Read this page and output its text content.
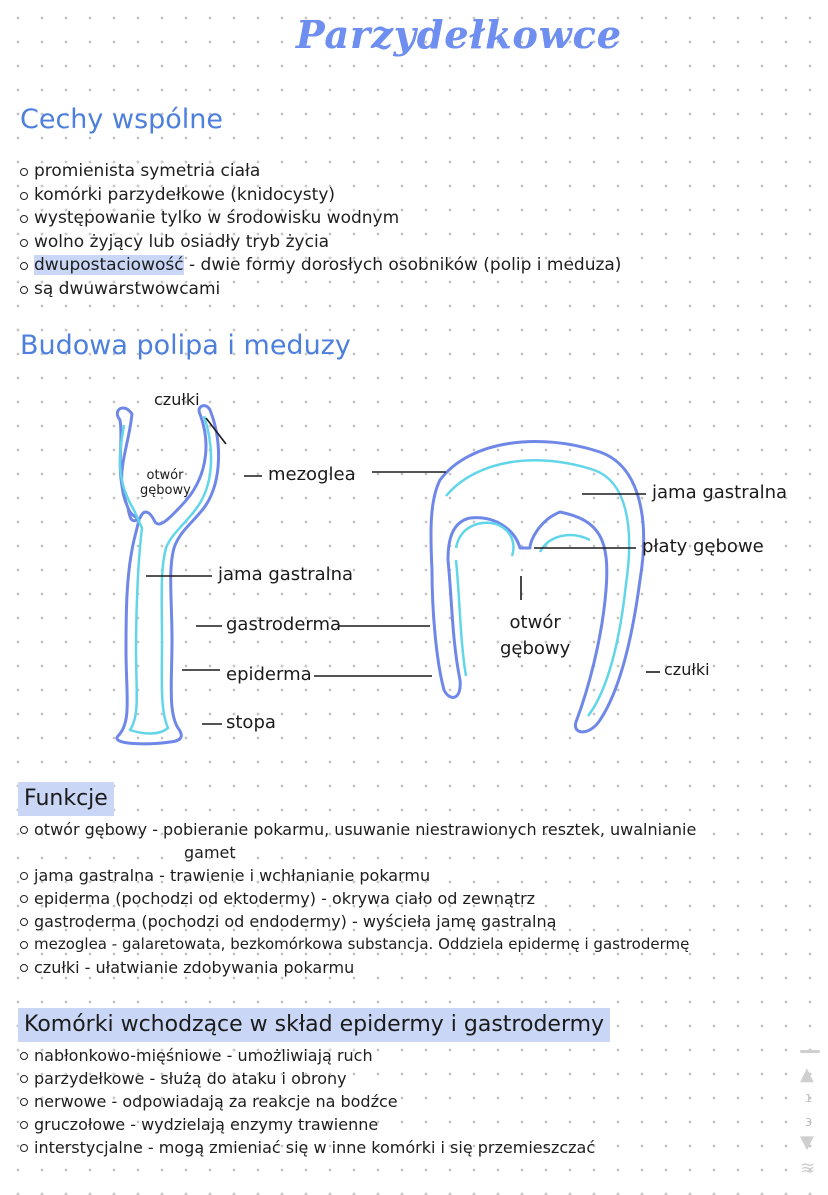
Parzydełkowce
Cechy wspólne
promienista symetria ciała
komórki parzydełkowe (knidocysty)
występowanie tylko w środowisku wodnym
wolno żyjący lub osiadły tryb życia
dwupostaciowość - dwie formy dorosłych osobników (polip i meduza)
są dwuwarstwowcami
Budowa polipa i meduzy
czułki
otwór
gębowy
mezoglea
jama gastralna
gastroderma
epiderma
stopa
jama gastralna
płaty gębowe
otwór
gębowy
czułki
Funkcje
otwór gębowy - pobieranie pokarmu, usuwanie niestrawionych resztek, uwalnianie
gamet
jama gastralna - trawienie i wchłanianie pokarmu
epiderma (pochodzi od ektodermy) - okrywa ciało od zewnątrz
gastroderma (pochodzi od endodermy) - wyścieła jamę gastralną
mezoglea - galaretowata, bezkomórkowa substancja. Oddziela epidermę i gastrodermę
czułki - ułatwianie zdobywania pokarmu
Komórki wchodzące w skład epidermy i gastrodermy
nabłonkowo-mięśniowe - umożliwiają ruch
parzydełkowe - służą do ataku i obrony
nerwowe - odpowiadają za reakcje na bodźce
gruczołowe - wydzielają enzymy trawienne
interstycjalne - mogą zmieniać się w inne komórki i się przemieszczać
▲
1
3
▼
≋
